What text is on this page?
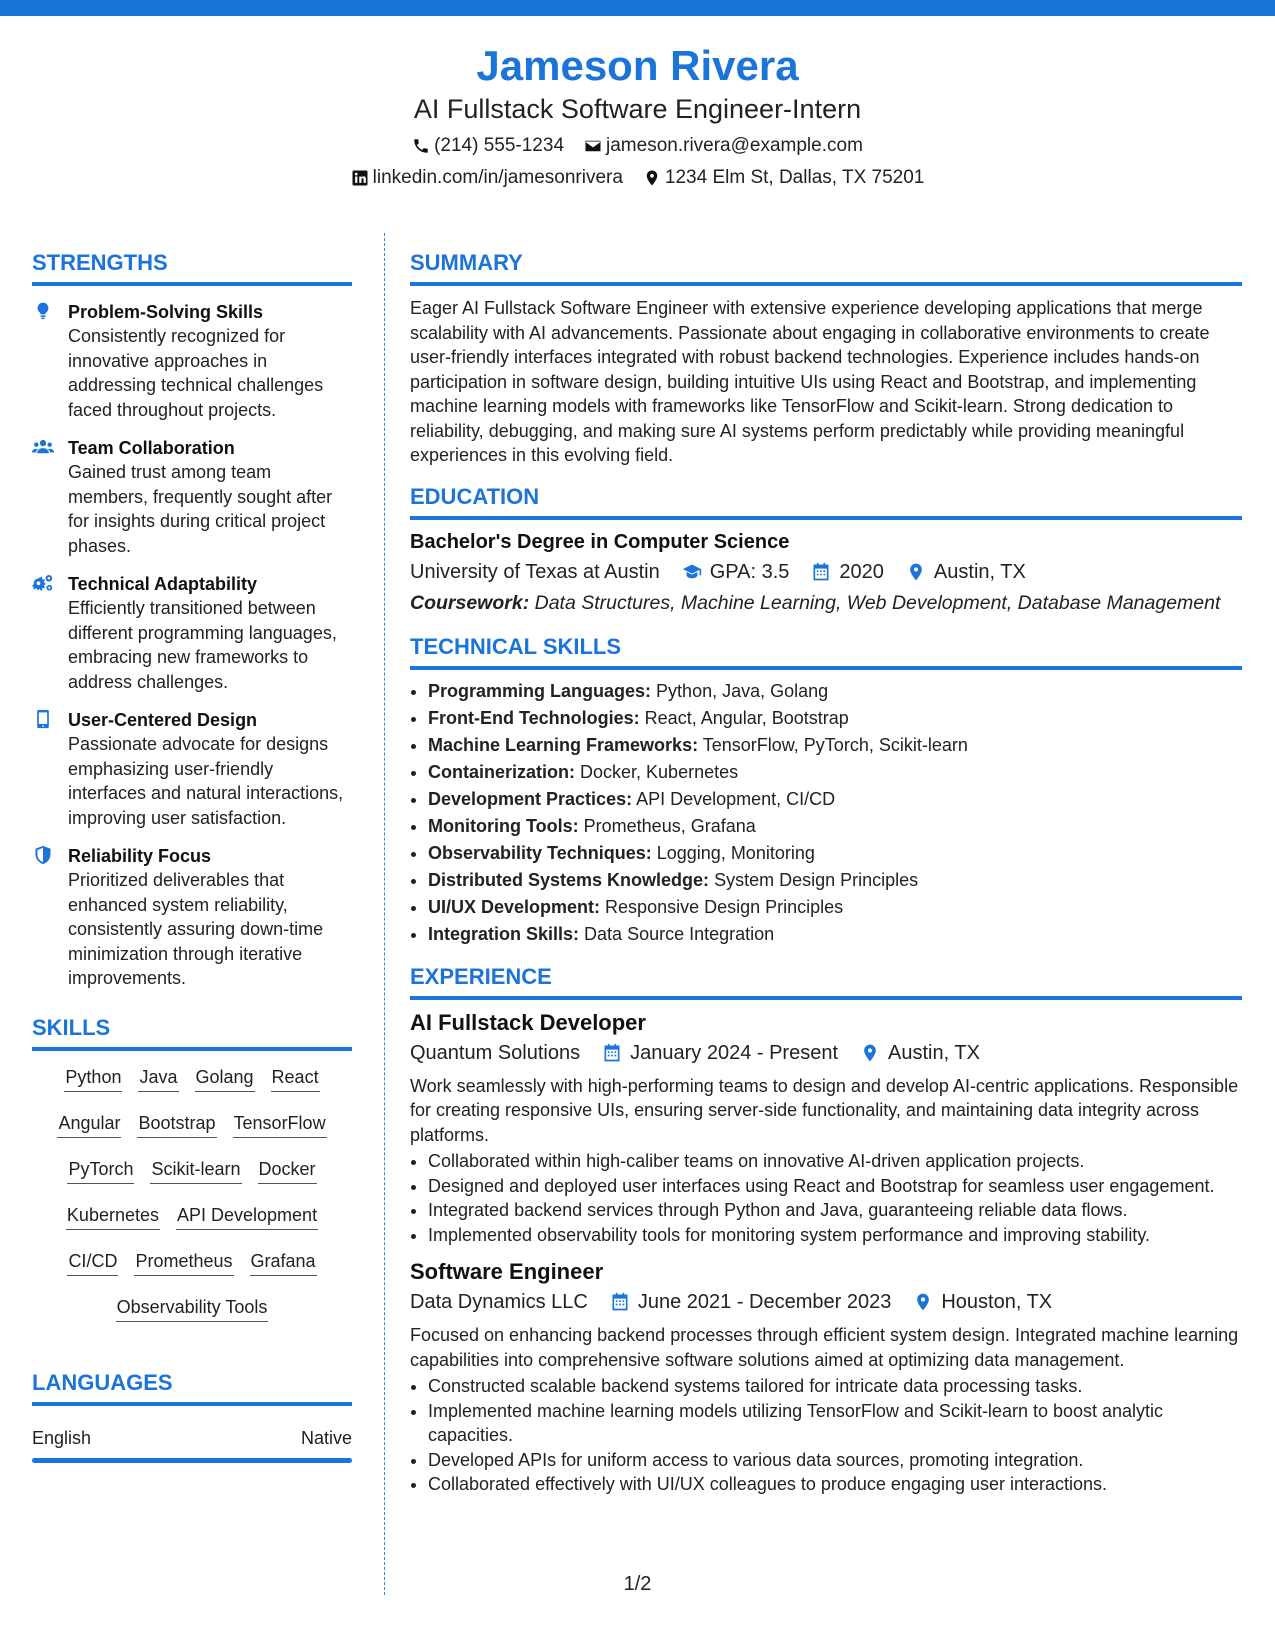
Jameson Rivera
AI Fullstack Software Engineer-Intern
(214) 555-1234 jameson.rivera@example.com
linkedin.com/in/jamesonrivera 1234 Elm St, Dallas, TX 75201
STRENGTHS
Problem-Solving Skills
Consistently recognized for innovative approaches in addressing technical challenges faced throughout projects.
Team Collaboration
Gained trust among team members, frequently sought after for insights during critical project phases.
Technical Adaptability
Efficiently transitioned between different programming languages, embracing new frameworks to address challenges.
User-Centered Design
Passionate advocate for designs emphasizing user-friendly interfaces and natural interactions, improving user satisfaction.
Reliability Focus
Prioritized deliverables that enhanced system reliability, consistently assuring down-time minimization through iterative improvements.
SKILLS
Python Java Golang React
Angular Bootstrap TensorFlow
PyTorch Scikit-learn Docker
Kubernetes API Development
CI/CD Prometheus Grafana
Observability Tools
LANGUAGES
English	Native
SUMMARY

Eager AI Fullstack Software Engineer with extensive experience developing applications that merge scalability with AI advancements. Passionate about engaging in collaborative environments to create user-friendly interfaces integrated with robust backend technologies. Experience includes hands-on participation in software design, building intuitive UIs using React and Bootstrap, and implementing machine learning models with frameworks like TensorFlow and Scikit-learn. Strong dedication to reliability, debugging, and making sure AI systems perform predictably while providing meaningful experiences in this evolving field.

EDUCATION
Bachelor's Degree in Computer Science
University of Texas at Austin	GPA: 3.5	2020	Austin, TX
Coursework: Data Structures, Machine Learning, Web Development, Database Management
TECHNICAL SKILLS
• Programming Languages: Python, Java, Golang
• Front-End Technologies: React, Angular, Bootstrap
• Machine Learning Frameworks: TensorFlow, PyTorch, Scikit-learn
• Containerization: Docker, Kubernetes
• Development Practices: API Development, CI/CD
• Monitoring Tools: Prometheus, Grafana
• Observability Techniques: Logging, Monitoring
• Distributed Systems Knowledge: System Design Principles
• UI/UX Development: Responsive Design Principles
• Integration Skills: Data Source Integration
EXPERIENCE
AI Fullstack Developer
Quantum Solutions	January 2024 - Present	Austin, TX

Work seamlessly with high-performing teams to design and develop AI-centric applications. Responsible for creating responsive UIs, ensuring server-side functionality, and maintaining data integrity across platforms.

• Collaborated within high-caliber teams on innovative AI-driven application projects.
• Designed and deployed user interfaces using React and Bootstrap for seamless user engagement.
• Integrated backend services through Python and Java, guaranteeing reliable data flows.
• Implemented observability tools for monitoring system performance and improving stability.
Software Engineer
Data Dynamics LLC	June 2021 - December 2023	Houston, TX

Focused on enhancing backend processes through efficient system design. Integrated machine learning capabilities into comprehensive software solutions aimed at optimizing data management.

• Constructed scalable backend systems tailored for intricate data processing tasks.
• Implemented machine learning models utilizing TensorFlow and Scikit-learn to boost analytic capacities.
• Developed APIs for uniform access to various data sources, promoting integration.
• Collaborated effectively with UI/UX colleagues to produce engaging user interactions.
1/2
